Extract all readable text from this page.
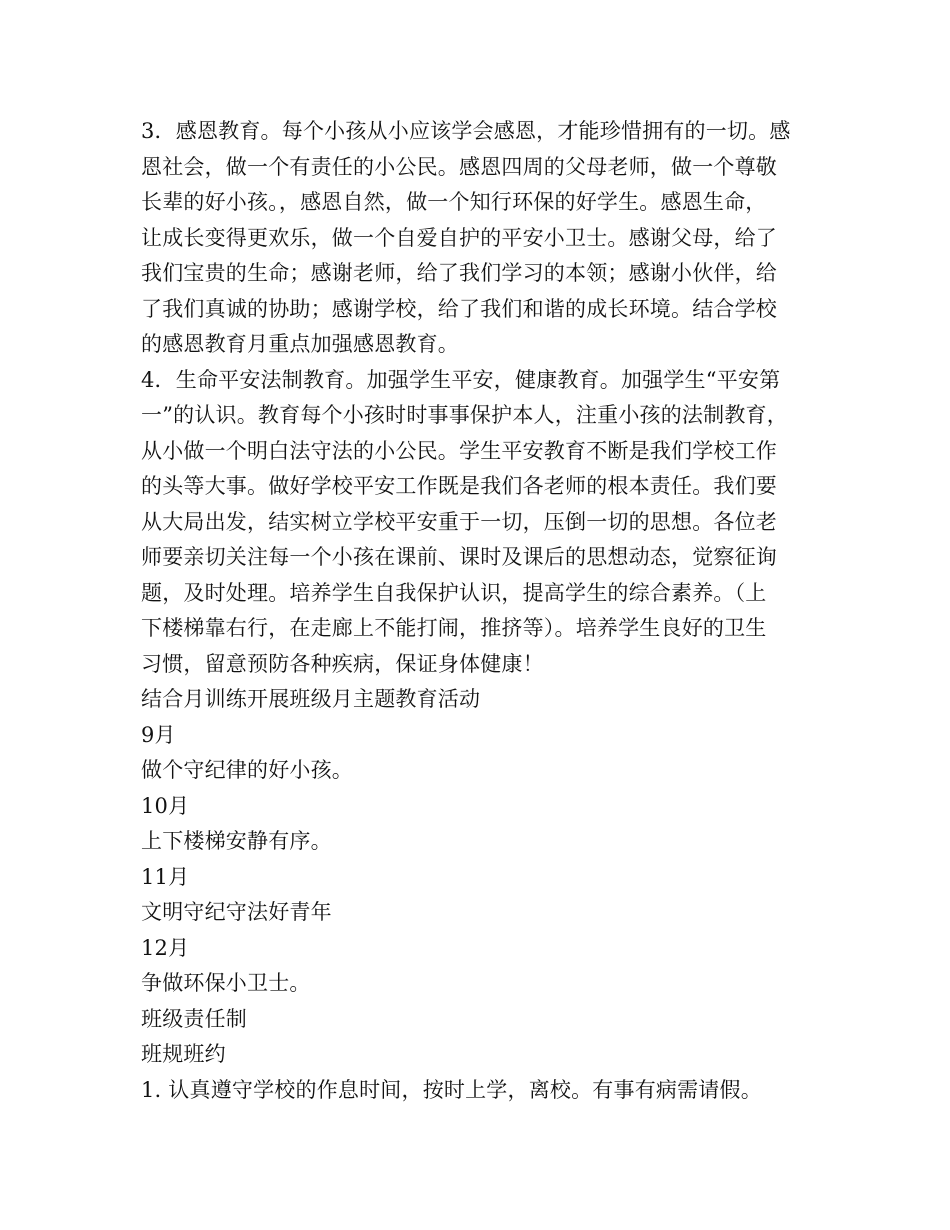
3．感恩教育。每个小孩从小应该学会感恩，才能珍惜拥有的一切。感
恩社会，做一个有责任的小公民。感恩四周的父母老师，做一个尊敬
长辈的好小孩。，感恩自然，做一个知行环保的好学生。感恩生命，
让成长变得更欢乐，做一个自爱自护的平安小卫士。感谢父母，给了
我们宝贵的生命；感谢老师，给了我们学习的本领；感谢小伙伴，给
了我们真诚的协助；感谢学校，给了我们和谐的成长环境。结合学校
的感恩教育月重点加强感恩教育。
4．生命平安法制教育。加强学生平安，健康教育。加强学生“平安第
一”的认识。教育每个小孩时时事事保护本人，注重小孩的法制教育，
从小做一个明白法守法的小公民。学生平安教育不断是我们学校工作
的头等大事。做好学校平安工作既是我们各老师的根本责任。我们要
从大局出发，结实树立学校平安重于一切，压倒一切的思想。各位老
师要亲切关注每一个小孩在课前、课时及课后的思想动态，觉察征询
题，及时处理。培养学生自我保护认识，提高学生的综合素养。（上
下楼梯靠右行，在走廊上不能打闹，推挤等）。培养学生良好的卫生
习惯，留意预防各种疾病，保证身体健康！
结合月训练开展班级月主题教育活动
9月
做个守纪律的好小孩。
10月
上下楼梯安静有序。
11月
文明守纪守法好青年
12月
争做环保小卫士。
班级责任制
班规班约
1. 认真遵守学校的作息时间，按时上学，离校。有事有病需请假。
